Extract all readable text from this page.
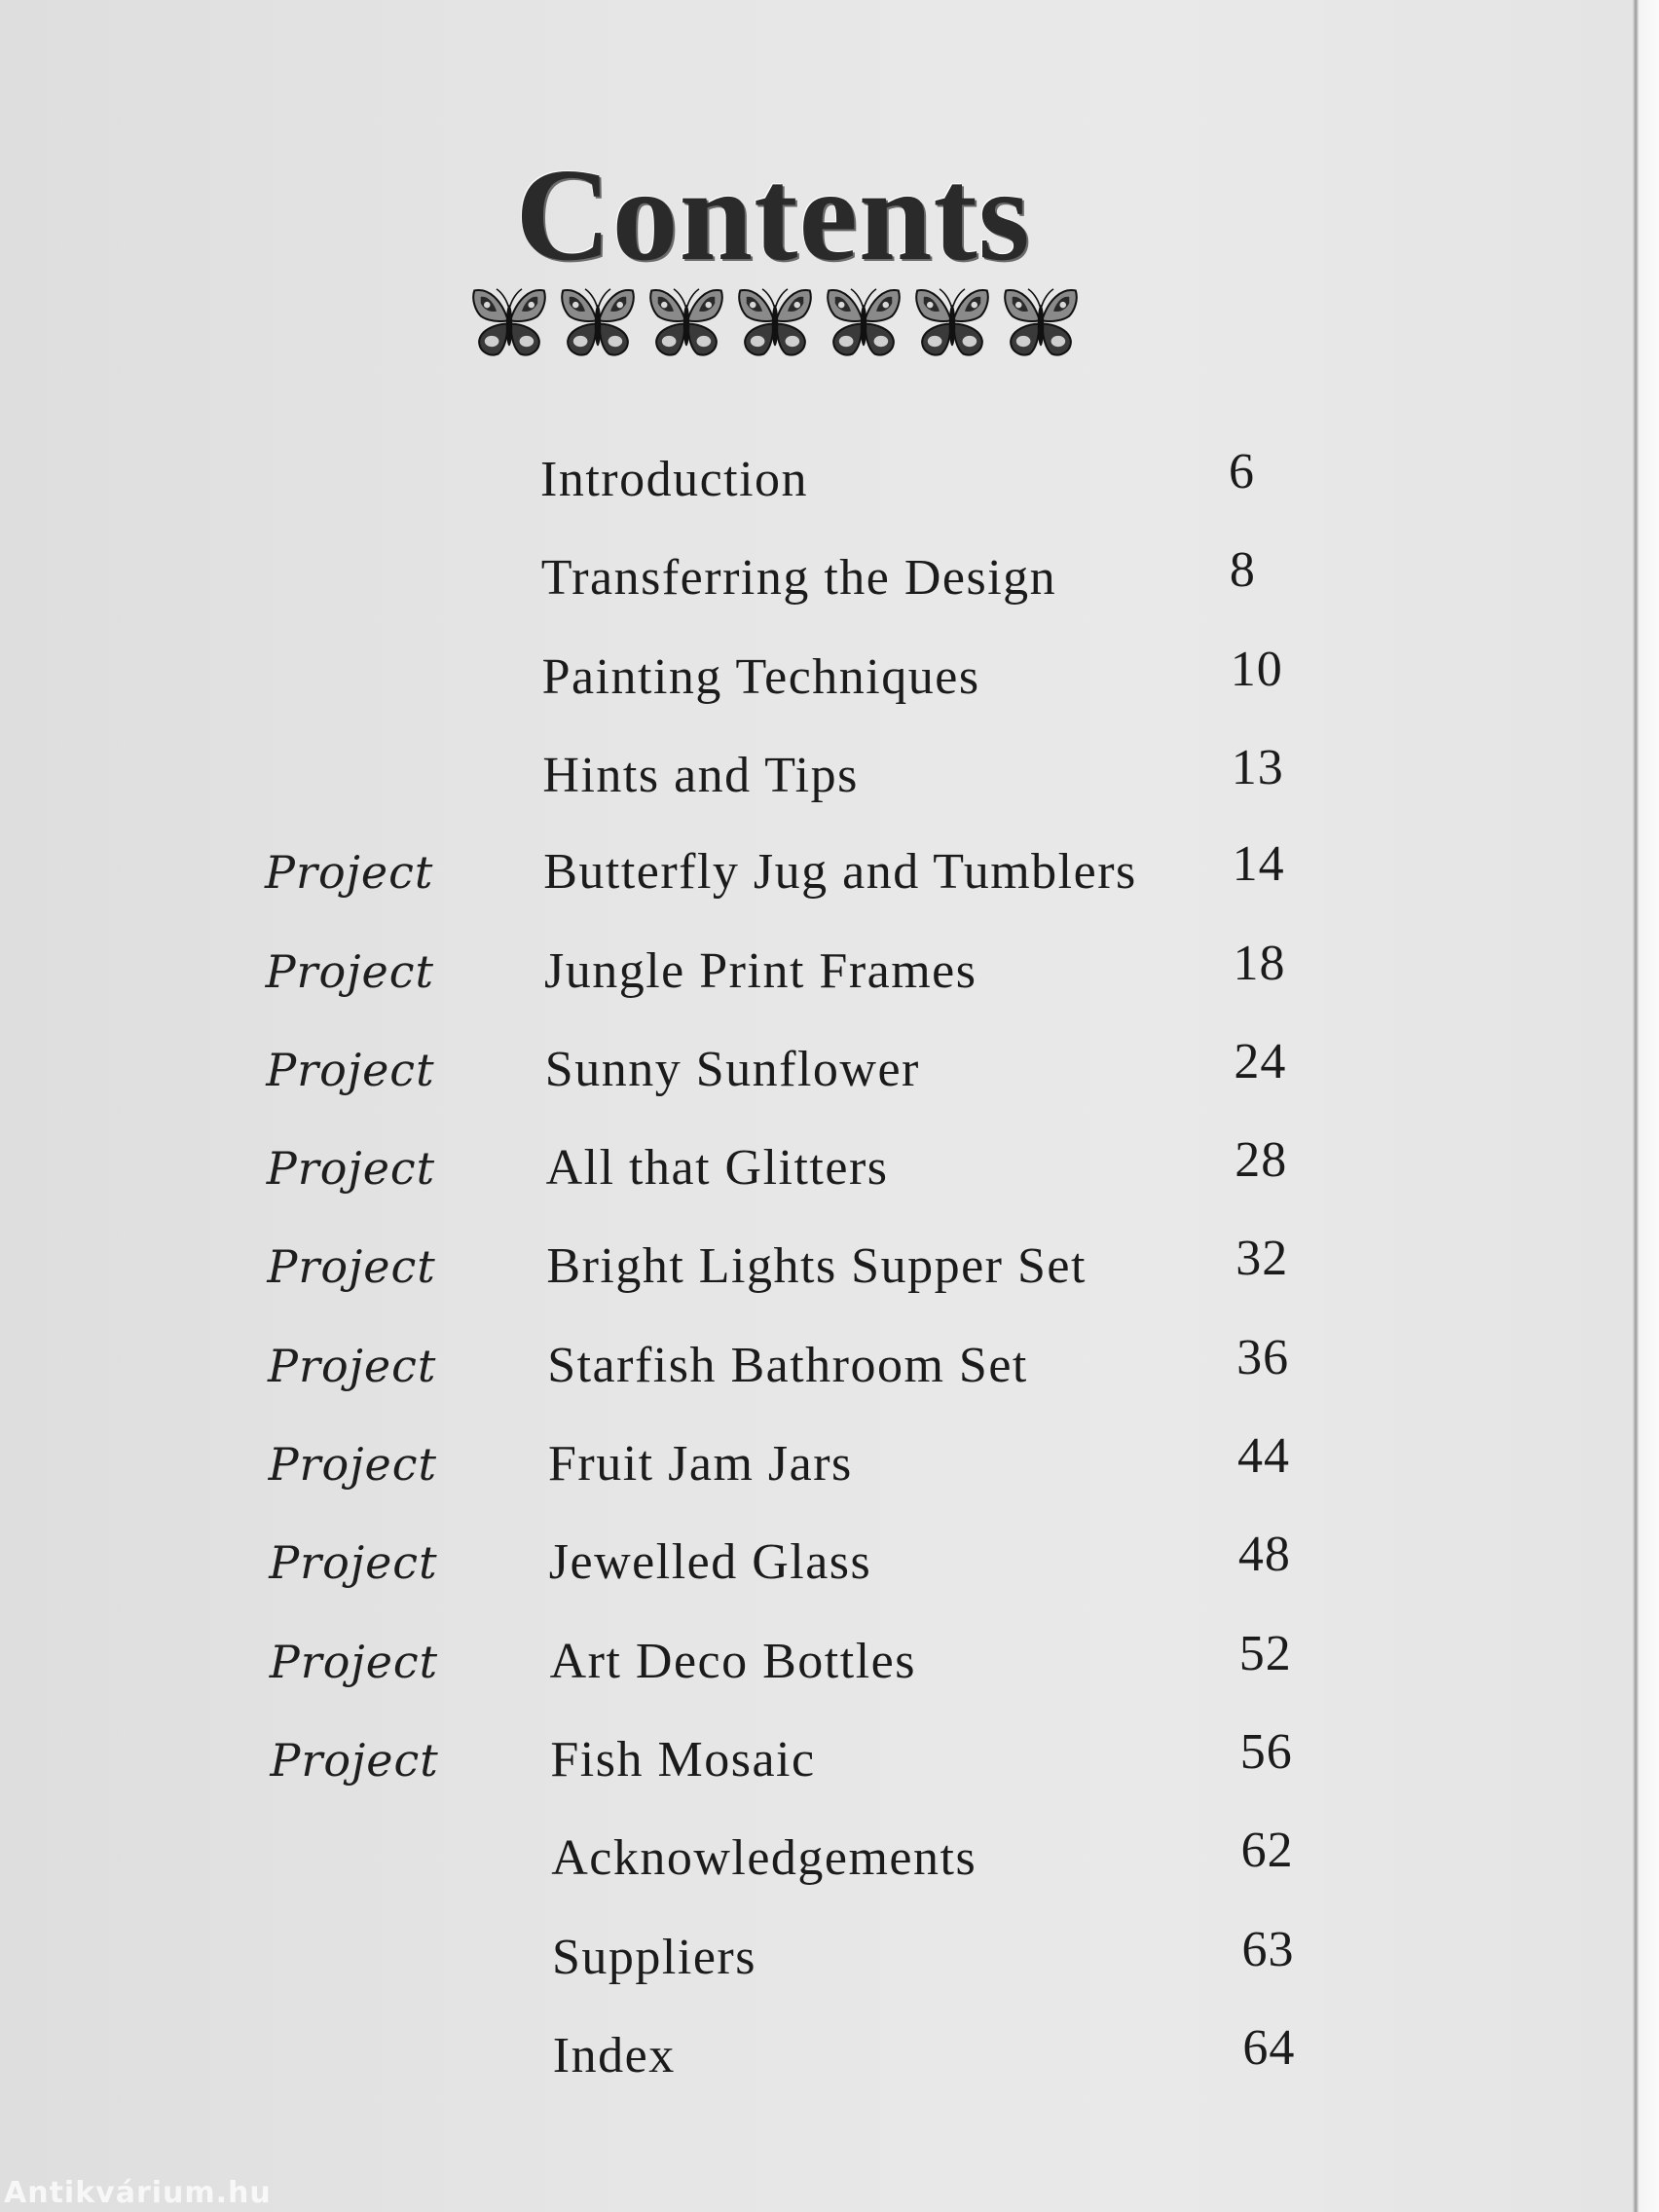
Contents
Introduction	6
Transferring the Design	8
Painting Techniques	10
Hints and Tips	13
Project Butterfly Jug and Tumblers 14
Project Jungle Print Frames	18
Project Sunny Sunflower	24
Project All that Glitters	28
Project Bright Lights Supper Set	32
Project Starfish Bathroom Set	36
Project Fruit Jam Jars	44
Project Jewelled Glass	48
Project Art Deco Bottles	52
Project Fish Mosaic	56
Acknowledgements	62
Suppliers	63
Index	64
Antikvárium.hu
